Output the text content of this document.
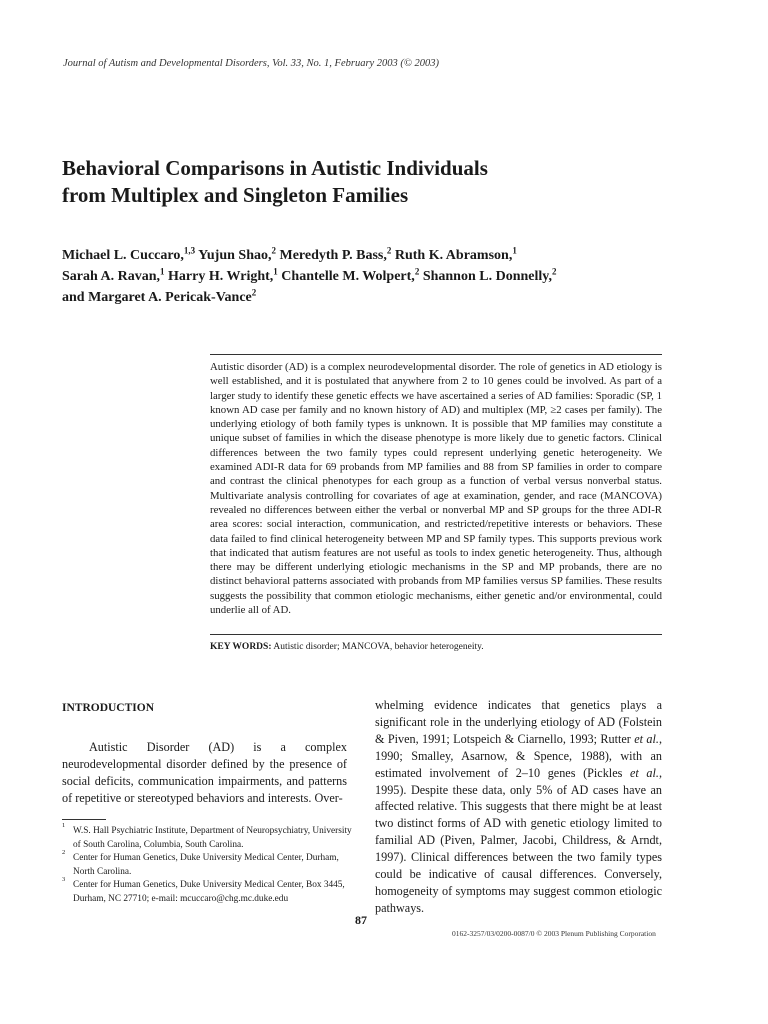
Journal of Autism and Developmental Disorders, Vol. 33, No. 1, February 2003 (© 2003)
Behavioral Comparisons in Autistic Individuals
from Multiplex and Singleton Families

Michael L. Cuccaro,$^{1,3}$ Yujun Shao,$^2$ Meredyth P. Bass,$^2$ Ruth K. Abramson,$^1$
Sarah A. Ravan,$^1$ Harry H. Wright,$^1$ Chantelle M. Wolpert,$^2$ Shannon L. Donnelly,$^2$
and Margaret A. Pericak-Vance$^2$

Autistic disorder (AD) is a complex neurodevelopmental disorder. The role of genetics in AD etiology is well established, and it is postulated that anywhere from 2 to 10 genes could be involved. As part of a larger study to identify these genetic effects we have ascertained a series of AD families: Sporadic (SP, 1 known AD case per family and no known history of AD) and multiplex (MP, ≥2 cases per family). The underlying etiology of both family types is unknown. It is possible that MP families may constitute a unique subset of families in which the disease phenotype is more likely due to genetic factors. Clinical differences between the two family types could represent underlying genetic heterogeneity. We examined ADI-R data for 69 probands from MP families and 88 from SP families in order to compare and contrast the clinical phenotypes for each group as a function of verbal versus nonverbal status. Multivariate analysis controlling for covariates of age at examination, gender, and race (MANCOVA) revealed no differences between either the verbal or nonverbal MP and SP groups for the three ADI-R area scores: social interaction, communication, and restricted/repetitive interests or behaviors. These data failed to find clinical heterogeneity between MP and SP family types. This supports previous work that indicated that autism features are not useful as tools to index genetic heterogeneity. Thus, although there may be different underlying etiologic mechanisms in the SP and MP probands, there are no distinct behavioral patterns associated with probands from MP families versus SP families. These results suggests the possibility that common etiologic mechanisms, either genetic and/or environmental, could underlie all of AD.

KEY WORDS: Autistic disorder; MANCOVA, behavior heterogeneity.

INTRODUCTION

Autistic Disorder (AD) is a complex neurodevelopmental disorder defined by the presence of social deficits, communication impairments, and patterns of repetitive or stereotyped behaviors and interests. Over-

whelming evidence indicates that genetics plays a significant role in the underlying etiology of AD (Folstein & Piven, 1991; Lotspeich & Ciarnello, 1993; Rutter et al., 1990; Smalley, Asarnow, & Spence, 1988), with an estimated involvement of 2–10 genes (Pickles et al., 1995). Despite these data, only 5% of AD cases have an affected relative. This suggests that there might be at least two distinct forms of AD with genetic etiology limited to familial AD (Piven, Palmer, Jacobi, Childress, & Arndt, 1997). Clinical differences between the two family types could be indicative of causal differences. Conversely, homogeneity of symptoms may suggest common etiologic pathways.

1
W.S. Hall Psychiatric Institute, Department of Neuropsychiatry, University of South Carolina, Columbia, South Carolina.

2
Center for Human Genetics, Duke University Medical Center, Durham, North Carolina.

3
Center for Human Genetics, Duke University Medical Center, Box 3445, Durham, NC 27710; e-mail: mcuccaro@chg.mc.duke.edu

87
0162-3257/03/0200-0087/0 © 2003 Plenum Publishing Corporation
